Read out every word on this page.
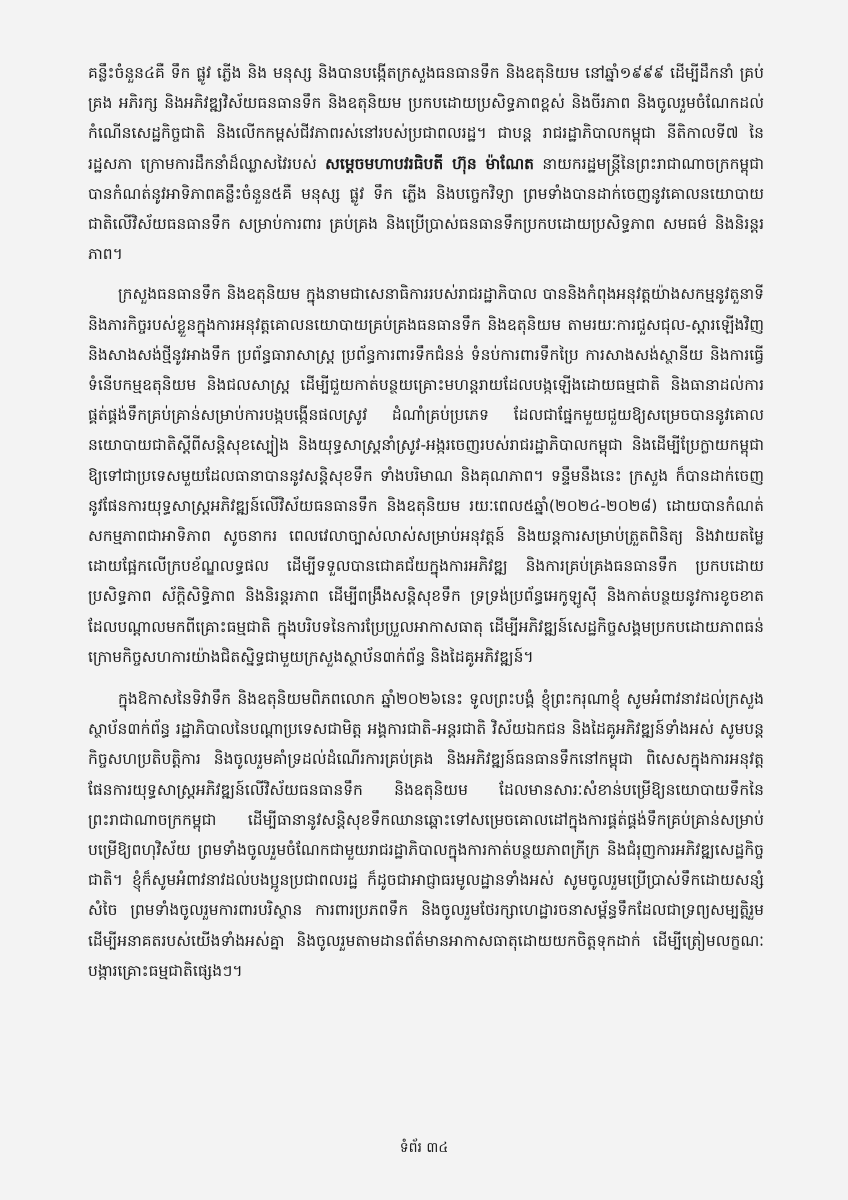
គន្លឹះចំនួន៤គឺ ទឹក ផ្លូវ ភ្លើង និង មនុស្ស និងបានបង្កើតក្រសួងធនធានទឹក និងឧតុនិយម នៅឆ្នាំ១៩៩៩ ដើម្បីដឹកនាំ គ្រប់គ្រង អភិរក្ស និងអភិវឌ្ឍវិស័យធនធានទឹក និងឧតុនិយម ប្រកបដោយប្រសិទ្ធភាពខ្ពស់ និងចីរភាព និងចូលរួមចំណែកដល់កំណើនសេដ្ឋកិច្ចជាតិ និងលើកកម្ពស់ជីវភាពរស់នៅរបស់ប្រជាពលរដ្ឋ។ ជាបន្ត រាជរដ្ឋាភិបាលកម្ពុជា នីតិកាលទី៧ នៃរដ្ឋសភា ក្រោមការដឹកនាំដ៏ឈ្លាសវៃរបស់ សម្តេចមហាបវរធិបតី ហ៊ុន ម៉ាណែត នាយករដ្ឋមន្ត្រីនៃព្រះរាជាណាចក្រកម្ពុជា បានកំណត់នូវអាទិភាពគន្លឹះចំនួន៥គឺ មនុស្ស ផ្លូវ ទឹក ភ្លើង និងបច្ចេកវិទ្យា ព្រមទាំងបានដាក់ចេញនូវគោលនយោបាយជាតិលើវិស័យធនធានទឹក សម្រាប់ការពារ គ្រប់គ្រង និងប្រើប្រាស់ធនធានទឹកប្រកបដោយប្រសិទ្ធភាព សមធម៌ និងនិរន្តរភាព។

ក្រសួងធនធានទឹក និងឧតុនិយម ក្នុងនាមជាសេនាធិការរបស់រាជរដ្ឋាភិបាល បាននិងកំពុងអនុវត្តយ៉ាងសកម្មនូវតួនាទី និងភារកិច្ចរបស់ខ្លួនក្នុងការអនុវត្តគោលនយោបាយគ្រប់គ្រងធនធានទឹក និងឧតុនិយម តាមរយៈការជួសជុល-ស្តារឡើងវិញ និងសាងសង់ថ្មីនូវអាងទឹក ប្រព័ន្ធធារាសាស្ត្រ ប្រព័ន្ធការពារទឹកជំនន់ ទំនប់ការពារទឹកប្រៃ ការសាងសង់ស្ថានីយ និងការធ្វើទំនើបកម្មឧតុនិយម និងជលសាស្ត្រ ដើម្បីជួយកាត់បន្ថយគ្រោះមហន្តរាយដែលបង្កឡើងដោយធម្មជាតិ និងធានាដល់ការផ្គត់ផ្គង់ទឹកគ្រប់គ្រាន់សម្រាប់ការបង្កបង្កើនផលស្រូវ ដំណាំគ្រប់ប្រភេទ ដែលជាផ្នែកមួយជួយឱ្យសម្រេចបាននូវគោលនយោបាយជាតិស្តីពីសន្តិសុខស្បៀង និងយុទ្ធសាស្ត្រនាំស្រូវ-អង្ករចេញរបស់រាជរដ្ឋាភិបាលកម្ពុជា និងដើម្បីប្រែក្លាយកម្ពុជាឱ្យទៅជាប្រទេសមួយដែលធានាបាននូវសន្តិសុខទឹក ទាំងបរិមាណ និងគុណភាព។ ទន្ទឹមនឹងនេះ ក្រសួង ក៏បានដាក់ចេញនូវផែនការយុទ្ធសាស្ត្រអភិវឌ្ឍន៍លើវិស័យធនធានទឹក និងឧតុនិយម រយៈពេល៥ឆ្នាំ(២០២៤-២០២៨) ដោយបានកំណត់សកម្មភាពជាអាទិភាព សូចនាករ ពេលវេលាច្បាស់លាស់សម្រាប់អនុវត្តន៍ និងយន្តការសម្រាប់ត្រួតពិនិត្យ និងវាយតម្លៃដោយផ្អែកលើក្របខ័ណ្ឌលទ្ធផល ដើម្បីទទួលបានជោគជ័យក្នុងការអភិវឌ្ឍ និងការគ្រប់គ្រងធនធានទឹក ប្រកបដោយប្រសិទ្ធភាព ស័ក្តិសិទ្ធិភាព និងនិរន្តរភាព ដើម្បីពង្រឹងសន្តិសុខទឹក ទ្រទ្រង់ប្រព័ន្ធអេកូឡូស៊ី និងកាត់បន្ថយនូវការខូចខាតដែលបណ្តាលមកពីគ្រោះធម្មជាតិ ក្នុងបរិបទនៃការប្រែប្រួលអាកាសធាតុ ដើម្បីអភិវឌ្ឍន៍សេដ្ឋកិច្ចសង្គមប្រកបដោយភាពធន់ ក្រោមកិច្ចសហការយ៉ាងជិតស្និទ្ធជាមួយក្រសួងស្ថាប័ន៣ក់ព័ន្ធ និងដៃគូអភិវឌ្ឍន៍។

ក្នុងឱកាសនៃទិវាទឹក និងឧតុនិយមពិភពលោក ឆ្នាំ២០២៦នេះ ទូលព្រះបង្គំ ខ្ញុំព្រះករុណាខ្ញុំ សូមអំពាវនាវដល់ក្រសួងស្ថាប័ន៣ក់ព័ន្ធ រដ្ឋាភិបាលនៃបណ្តាប្រទេសជាមិត្ត អង្គការជាតិ-អន្តរជាតិ វិស័យឯកជន និងដៃគូអភិវឌ្ឍន៍ទាំងអស់ សូមបន្តកិច្ចសហប្រតិបត្តិការ និងចូលរួមគាំទ្រដល់ដំណើរការគ្រប់គ្រង និងអភិវឌ្ឍន៍ធនធានទឹកនៅកម្ពុជា ពិសេសក្នុងការអនុវត្តផែនការយុទ្ធសាស្ត្រអភិវឌ្ឍន៍លើវិស័យធនធានទឹក និងឧតុនិយម ដែលមានសារៈសំខាន់បម្រើឱ្យនយោបាយទឹកនៃព្រះរាជាណាចក្រកម្ពុជា ដើម្បីធានានូវសន្តិសុខទឹកឈានឆ្ពោះទៅសម្រេចគោលដៅក្នុងការផ្គត់ផ្គង់ទឹកគ្រប់គ្រាន់សម្រាប់បម្រើឱ្យពហុវិស័យ ព្រមទាំងចូលរួមចំណែកជាមួយរាជរដ្ឋាភិបាលក្នុងការកាត់បន្ថយភាពក្រីក្រ និងជំរុញការអភិវឌ្ឍសេដ្ឋកិច្ចជាតិ។ ខ្ញុំក៏សូមអំពាវនាវដល់បងប្អូនប្រជាពលរដ្ឋ ក៏ដូចជាអាជ្ញាធរមូលដ្ឋានទាំងអស់ សូមចូលរួមប្រើប្រាស់ទឹកដោយសន្សំសំចៃ ព្រមទាំងចូលរួមការពារបរិស្ថាន ការពារប្រភពទឹក និងចូលរួមថែរក្សាហេដ្ឋារចនាសម្ព័ន្ធទឹកដែលជាទ្រព្យសម្បត្តិរួម ដើម្បីអនាគតរបស់យើងទាំងអស់គ្នា និងចូលរួមតាមដានព័ត៌មានអាកាសធាតុដោយយកចិត្តទុកដាក់ ដើម្បីត្រៀមលក្ខណៈបង្ការគ្រោះធម្មជាតិផ្សេងៗ។

ទំព័រ ៣៤
